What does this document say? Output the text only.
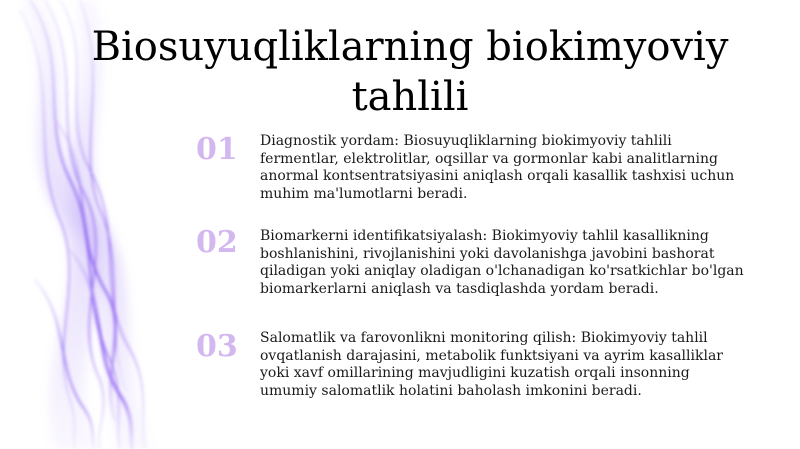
Biosuyuqliklarning biokimyoviy tahlili
01	Diagnostik yordam: Biosuyuqliklarning biokimyoviy tahlili fermentlar, elektrolitlar, oqsillar va gormonlar kabi analitlarning anormal kontsentratsiyasini aniqlash orqali kasallik tashxisi uchun muhim ma'lumotlarni beradi.

02	Biomarkerni identifikatsiyalash: Biokimyoviy tahlil kasallikning boshlanishini, rivojlanishini yoki davolanishga javobini bashorat qiladigan yoki aniqlay oladigan o'lchanadigan ko'rsatkichlar bo'lgan biomarkerlarni aniqlash va tasdiqlashda yordam beradi.

03	Salomatlik va farovonlikni monitoring qilish: Biokimyoviy tahlil ovqatlanish darajasini, metabolik funktsiyani va ayrim kasalliklar yoki xavf omillarining mavjudligini kuzatish orqali insonning umumiy salomatlik holatini baholash imkonini beradi.
